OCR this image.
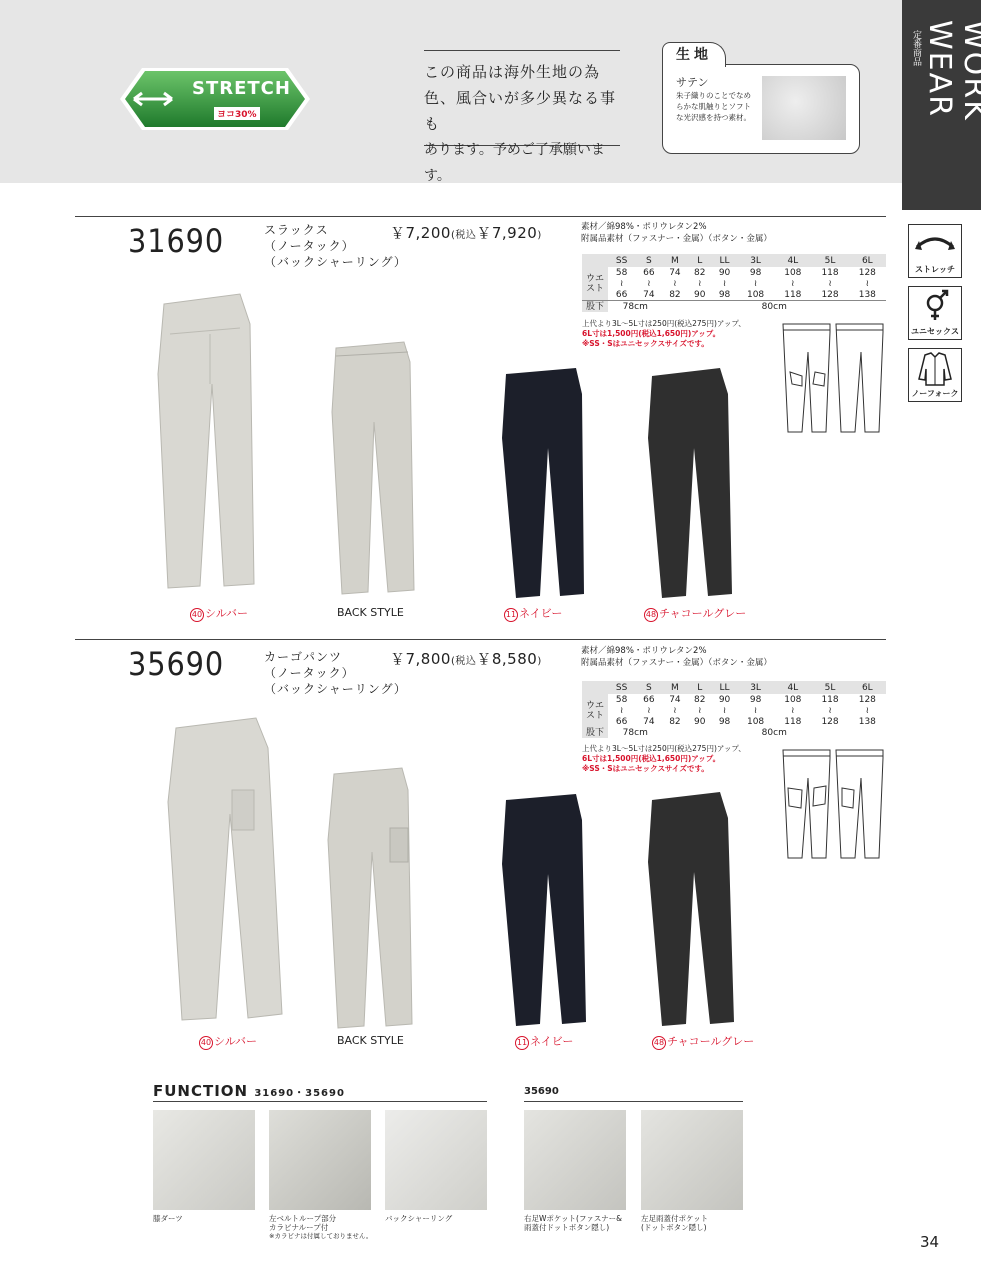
STRETCH
ヨコ30%
この商品は海外生地の為
色、風合いが多少異なる事も
あります。予めご了承願います。
生地
サテン
朱子織りのことでなめらかな肌触りとソフトな光沢感を持つ素材。	WORK WEAR
定番商品
ストレッチ
ユニセックス
ノーフォーク
31690	スラックス
（ノータック）
（バックシャーリング）
￥7,200(税込￥7,920)
素材／綿98%・ポリウレタン2%
附属品素材（ファスナー・金属）（ボタン・金属）
	SS	S	M	L	LL	3L	4L	5L	6L
ウエスト	58	66	74	82	90	98	108	118	128
	≀	≀	≀	≀	≀	≀	≀	≀	≀
	66	74	82	90	98	108	118	128	138
股下	78cm		80cm						
上代より3L～5L寸は250円(税込275円)アップ、
6L寸は1,500円(税込1,650円)アップ。
※SS・Sはユニセックスサイズです。
40 シルバー	BACK STYLE	11 ネイビー	48 チャコールグレー
35690	カーゴパンツ
（ノータック）
（バックシャーリング）
￥7,800(税込￥8,580)
素材／綿98%・ポリウレタン2%
附属品素材（ファスナー・金属）（ボタン・金属）
	SS	S	M	L	LL	3L	4L	5L	6L
ウエスト	58	66	74	82	90	98	108	118	128
	≀	≀	≀	≀	≀	≀	≀	≀	≀
	66	74	82	90	98	108	118	128	138
股下	78cm		80cm						
上代より3L～5L寸は250円(税込275円)アップ、
6L寸は1,500円(税込1,650円)アップ。
※SS・Sはユニセックスサイズです。
40 シルバー	BACK STYLE	11 ネイビー	48 チャコールグレー
FUNCTION 31690・35690	35690
膝ダーツ	左ベルトループ部分
カラビナループ付
※カラビナは付属しておりません。
バックシャーリング	右足Wポケット(ファスナー&
雨蓋付ドットボタン隠し)
左足雨蓋付ポケット
(ドットボタン隠し)
34
